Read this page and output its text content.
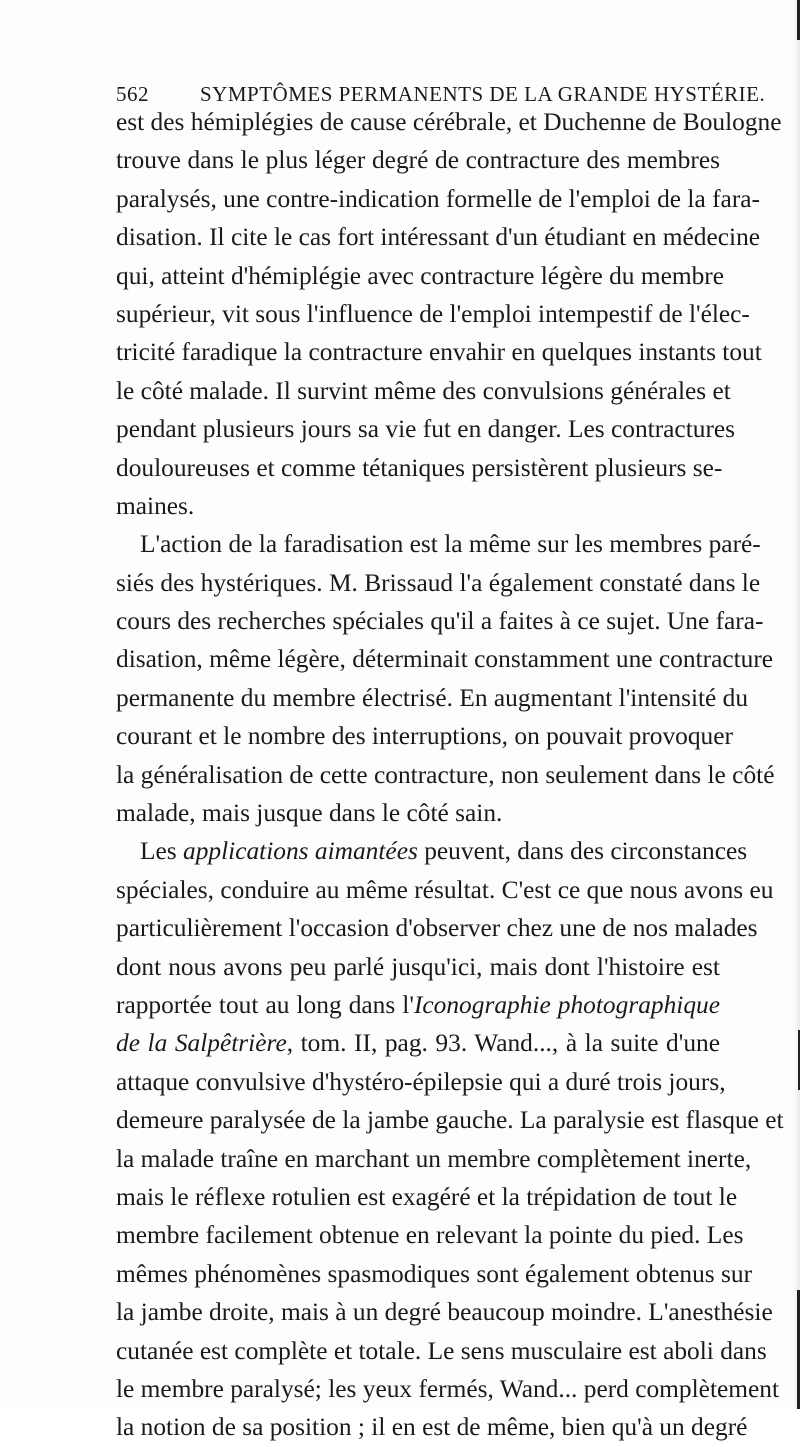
562 SYMPTÔMES PERMANENTS DE LA GRANDE HYSTÉRIE.
est des hémiplégies de cause cérébrale, et Duchenne de Boulogne
trouve dans le plus léger degré de contracture des membres
paralysés, une contre-indication formelle de l'emploi de la fara-
disation. Il cite le cas fort intéressant d'un étudiant en médecine
qui, atteint d'hémiplégie avec contracture légère du membre
supérieur, vit sous l'influence de l'emploi intempestif de l'élec-
tricité faradique la contracture envahir en quelques instants tout
le côté malade. Il survint même des convulsions générales et
pendant plusieurs jours sa vie fut en danger. Les contractures
douloureuses et comme tétaniques persistèrent plusieurs se-
maines.
L'action de la faradisation est la même sur les membres paré-
siés des hystériques. M. Brissaud l'a également constaté dans le
cours des recherches spéciales qu'il a faites à ce sujet. Une fara-
disation, même légère, déterminait constamment une contracture
permanente du membre électrisé. En augmentant l'intensité du
courant et le nombre des interruptions, on pouvait provoquer
la généralisation de cette contracture, non seulement dans le côté
malade, mais jusque dans le côté sain.
Les applications aimantées peuvent, dans des circonstances
spéciales, conduire au même résultat. C'est ce que nous avons eu
particulièrement l'occasion d'observer chez une de nos malades
dont nous avons peu parlé jusqu'ici, mais dont l'histoire est
rapportée tout au long dans l'Iconographie photographique
de la Salpêtrière, tom. II, pag. 93. Wand..., à la suite d'une
attaque convulsive d'hystéro-épilepsie qui a duré trois jours,
demeure paralysée de la jambe gauche. La paralysie est flasque et
la malade traîne en marchant un membre complètement inerte,
mais le réflexe rotulien est exagéré et la trépidation de tout le
membre facilement obtenue en relevant la pointe du pied. Les
mêmes phénomènes spasmodiques sont également obtenus sur
la jambe droite, mais à un degré beaucoup moindre. L'anesthésie
cutanée est complète et totale. Le sens musculaire est aboli dans
le membre paralysé; les yeux fermés, Wand... perd complètement
la notion de sa position ; il en est de même, bien qu'à un degré
